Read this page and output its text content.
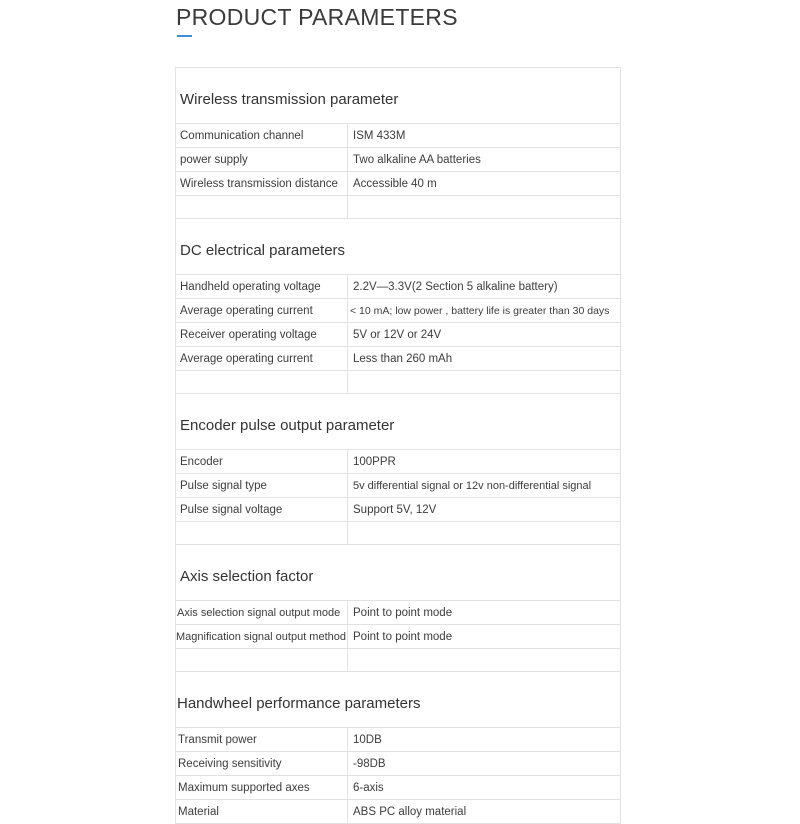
PRODUCT PARAMETERS
Wireless transmission parameter	
Communication channel	ISM 433M
power supply	Two alkaline AA batteries
Wireless transmission distance	Accessible 40 m

DC electrical parameters	
Handheld operating voltage	2.2V—3.3V(2 Section 5 alkaline battery)
Average operating current	< 10 mA; low power , battery life is greater than 30 days
Receiver operating voltage	5V or 12V or 24V
Average operating current	Less than 260 mAh

Encoder pulse output parameter	
Encoder	100PPR
Pulse signal type	5v differential signal or 12v non-differential signal
Pulse signal voltage	Support 5V, 12V

Axis selection factor	
Axis selection signal output mode	Point to point mode
Magnification signal output method	Point to point mode

Handwheel performance parameters	
Transmit power	10DB
Receiving sensitivity	-98DB
Maximum supported axes	6-axis
Material	ABS PC alloy material
